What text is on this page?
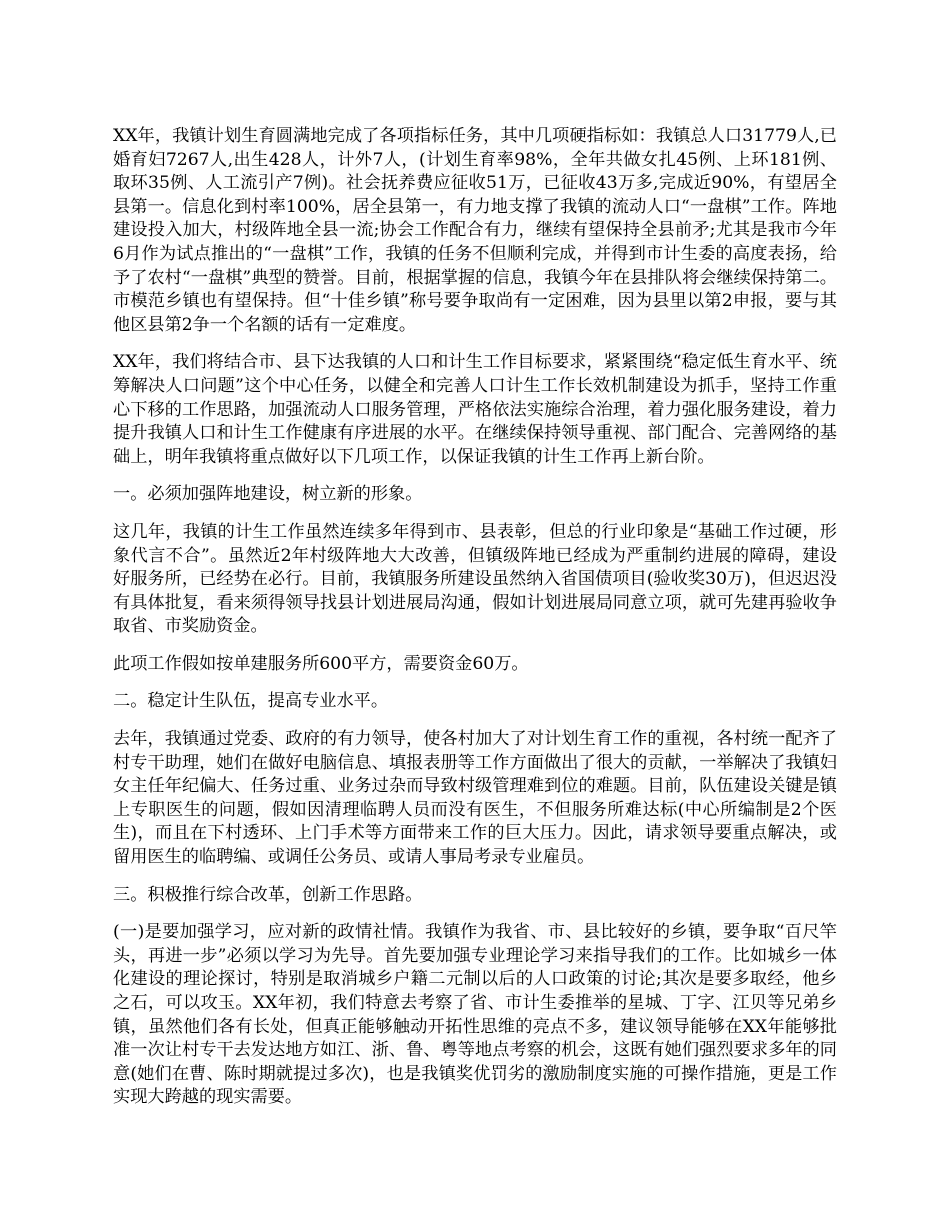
XX年，我镇计划生育圆满地完成了各项指标任务，其中几项硬指标如：我镇总人口31779人,已婚育妇7267人,出生428人，计外7人，(计划生育率98%，全年共做女扎45例、上环181例、取环35例、人工流引产7例)。社会抚养费应征收51万，已征收43万多,完成近90%，有望居全县第一。信息化到村率100%，居全县第一，有力地支撑了我镇的流动人口“一盘棋”工作。阵地建设投入加大，村级阵地全县一流;协会工作配合有力，继续有望保持全县前矛;尤其是我市今年6月作为试点推出的“一盘棋”工作，我镇的任务不但顺利完成，并得到市计生委的高度表扬，给予了农村“一盘棋”典型的赞誉。目前，根据掌握的信息，我镇今年在县排队将会继续保持第二。市模范乡镇也有望保持。但“十佳乡镇”称号要争取尚有一定困难，因为县里以第2申报，要与其他区县第2争一个名额的话有一定难度。

XX年，我们将结合市、县下达我镇的人口和计生工作目标要求，紧紧围绕“稳定低生育水平、统筹解决人口问题”这个中心任务，以健全和完善人口计生工作长效机制建设为抓手，坚持工作重心下移的工作思路，加强流动人口服务管理，严格依法实施综合治理，着力强化服务建设，着力提升我镇人口和计生工作健康有序进展的水平。在继续保持领导重视、部门配合、完善网络的基础上，明年我镇将重点做好以下几项工作，以保证我镇的计生工作再上新台阶。

一。必须加强阵地建设，树立新的形象。

这几年，我镇的计生工作虽然连续多年得到市、县表彰，但总的行业印象是“基础工作过硬，形象代言不合”。虽然近2年村级阵地大大改善，但镇级阵地已经成为严重制约进展的障碍，建设好服务所，已经势在必行。目前，我镇服务所建设虽然纳入省国债项目(验收奖30万)，但迟迟没有具体批复，看来须得领导找县计划进展局沟通，假如计划进展局同意立项，就可先建再验收争取省、市奖励资金。

此项工作假如按单建服务所600平方，需要资金60万。

二。稳定计生队伍，提高专业水平。

去年，我镇通过党委、政府的有力领导，使各村加大了对计划生育工作的重视，各村统一配齐了村专干助理，她们在做好电脑信息、填报表册等工作方面做出了很大的贡献，一举解决了我镇妇女主任年纪偏大、任务过重、业务过杂而导致村级管理难到位的难题。目前，队伍建设关键是镇上专职医生的问题，假如因清理临聘人员而没有医生，不但服务所难达标(中心所编制是2个医生)，而且在下村透环、上门手术等方面带来工作的巨大压力。因此，请求领导要重点解决，或留用医生的临聘编、或调任公务员、或请人事局考录专业雇员。

三。积极推行综合改革，创新工作思路。

(一)是要加强学习，应对新的政情社情。我镇作为我省、市、县比较好的乡镇，要争取“百尺竿头，再进一步”必须以学习为先导。首先要加强专业理论学习来指导我们的工作。比如城乡一体化建设的理论探讨，特别是取消城乡户籍二元制以后的人口政策的讨论;其次是要多取经，他乡之石，可以攻玉。XX年初，我们特意去考察了省、市计生委推举的星城、丁字、江贝等兄弟乡镇，虽然他们各有长处，但真正能够触动开拓性思维的亮点不多，建议领导能够在XX年能够批准一次让村专干去发达地方如江、浙、鲁、粤等地点考察的机会，这既有她们强烈要求多年的同意(她们在曹、陈时期就提过多次)，也是我镇奖优罚劣的激励制度实施的可操作措施，更是工作实现大跨越的现实需要。
